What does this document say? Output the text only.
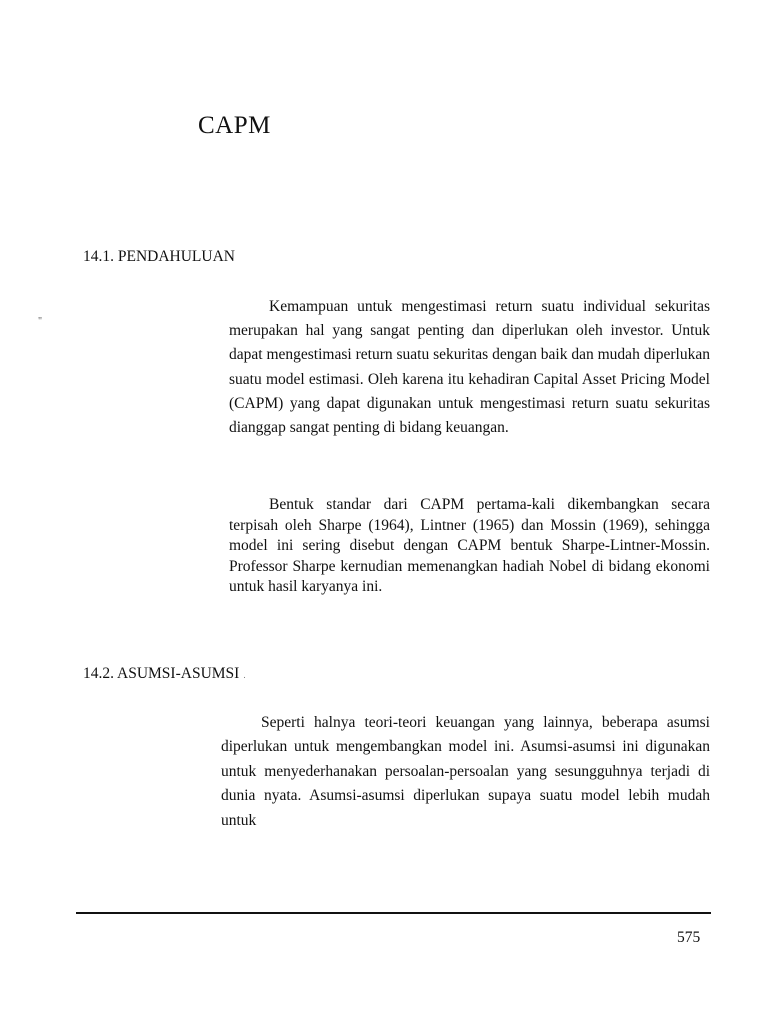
CAPM
"
14.1. PENDAHULUAN

Kemampuan untuk mengestimasi return suatu individual sekuritas merupakan hal yang sangat penting dan diperlukan oleh investor. Untuk dapat mengestimasi return suatu sekuritas dengan baik dan mudah diperlukan suatu model estimasi. Oleh karena itu kehadiran Capital Asset Pricing Model (CAPM) yang dapat digunakan untuk mengestimasi return suatu sekuritas dianggap sangat penting di bidang keuangan.

Bentuk standar dari CAPM pertama-kali dikembangkan secara terpisah oleh Sharpe (1964), Lintner (1965) dan Mossin (1969), sehingga model ini sering disebut dengan CAPM bentuk Sharpe-Lintner-Mossin. Professor Sharpe kernudian memenangkan hadiah Nobel di bidang ekonomi untuk hasil karyanya ini.

14.2. ASUMSI-ASUMSI .

Seperti halnya teori-teori keuangan yang lainnya, beberapa asumsi diperlukan untuk mengembangkan model ini. Asumsi-asumsi ini digunakan untuk menyederhanakan persoalan-persoalan yang sesungguhnya terjadi di dunia nyata. Asumsi-asumsi diperlukan supaya suatu model lebih mudah untuk

575
